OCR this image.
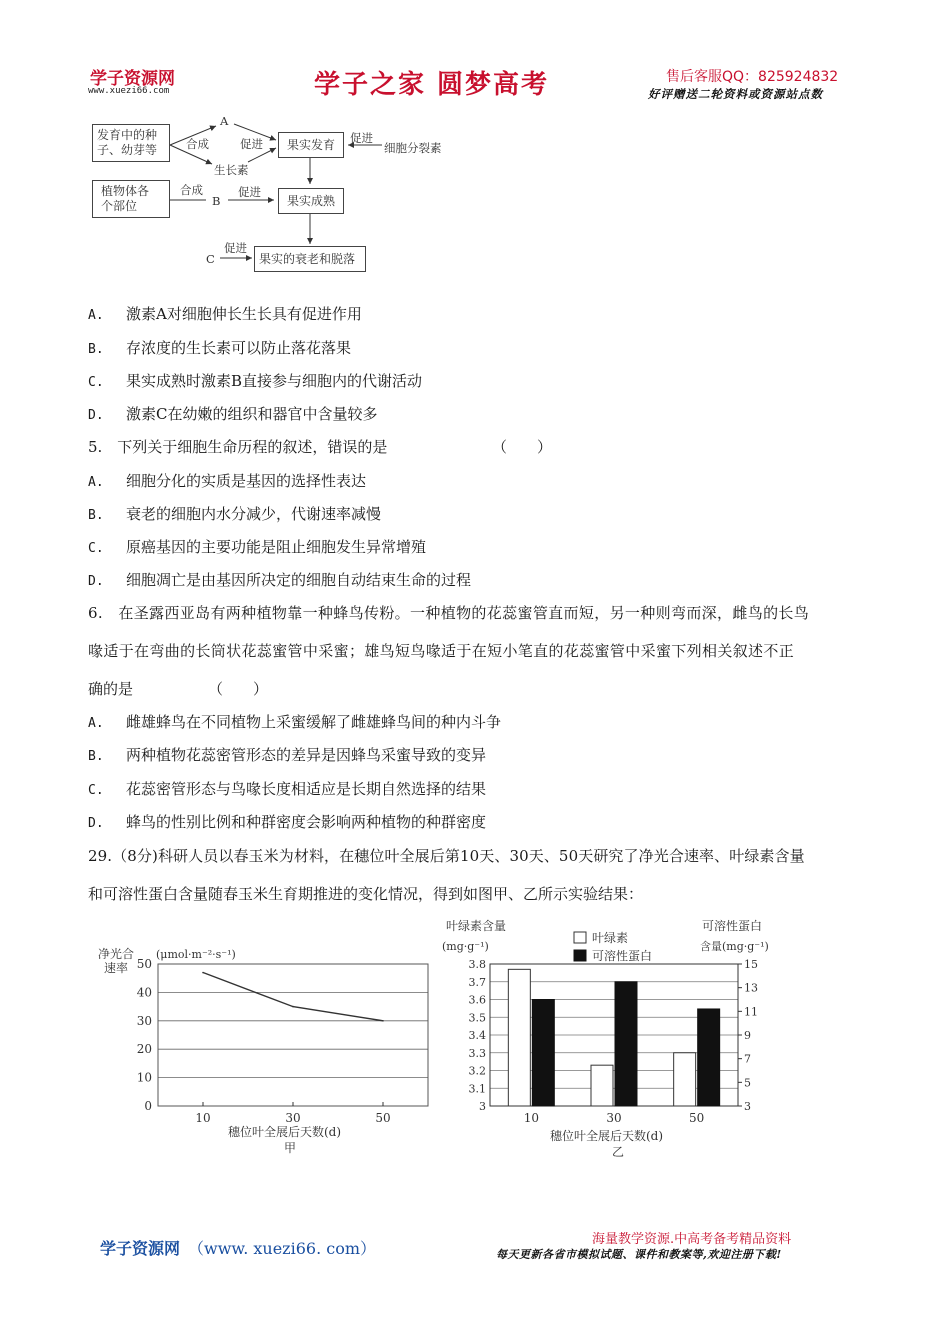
学子资源网
www.xuezi66.com	学子之家 圆梦高考	售后客服QQ：825924832
好评赠送二轮资料或资源站点数
发育中的种
子、幼芽等	果实发育
植物体各
个部位	果实成熟
果实的衰老和脱落
A
合成	促进
生长素
促进
细胞分裂素
合成
B
促进
C
促进
A. 激素A对细胞伸长生长具有促进作用
B. 存浓度的生长素可以防止落花落果
C. 果实成熟时激素B直接参与细胞内的代谢活动
D. 激素C在幼嫩的组织和器官中含量较多
5.　下列关于细胞生命历程的叙述，错误的是	（　　）
A. 细胞分化的实质是基因的选择性表达
B. 衰老的细胞内水分减少，代谢速率减慢
C. 原癌基因的主要功能是阻止细胞发生异常增殖
D. 细胞凋亡是由基因所决定的细胞自动结束生命的过程
6.　在圣露西亚岛有两种植物靠一种蜂鸟传粉。一种植物的花蕊蜜管直而短，另一种则弯而深，雌鸟的长鸟
喙适于在弯曲的长筒状花蕊蜜管中采蜜；雄鸟短鸟喙适于在短小笔直的花蕊蜜管中采蜜下列相关叙述不正
确的是	（　　）
A. 雌雄蜂鸟在不同植物上采蜜缓解了雌雄蜂鸟间的种内斗争
B. 两种植物花蕊密管形态的差异是因蜂鸟采蜜导致的变异
C. 花蕊密管形态与鸟喙长度相适应是长期自然选择的结果
D. 蜂鸟的性别比例和种群密度会影响两种植物的种群密度
29.（8分)科研人员以春玉米为材料，在穗位叶全展后第10天、30天、50天研究了净光合速率、叶绿素含量
和可溶性蛋白含量随春玉米生育期推进的变化情况，得到如图甲、乙所示实验结果：
0
10
20
30
40
50
10	30	50
净光合
速率
(μmol·m⁻²·s⁻¹)
穗位叶全展后天数(d)
甲
3
3.1
3.2
3.3
3.4
3.5
3.6
3.7
3.8
3
5
7
9
11
13
15
10	30	50
叶绿素含量
(mg·g⁻¹)
可溶性蛋白
含量(mg·g⁻¹)
叶绿素
可溶性蛋白
穗位叶全展后天数(d)
乙
学子资源网 （www. xuezi66. com）	海量教学资源.中高考备考精品资料
每天更新各省市模拟试题、课件和教案等,欢迎注册下载!
